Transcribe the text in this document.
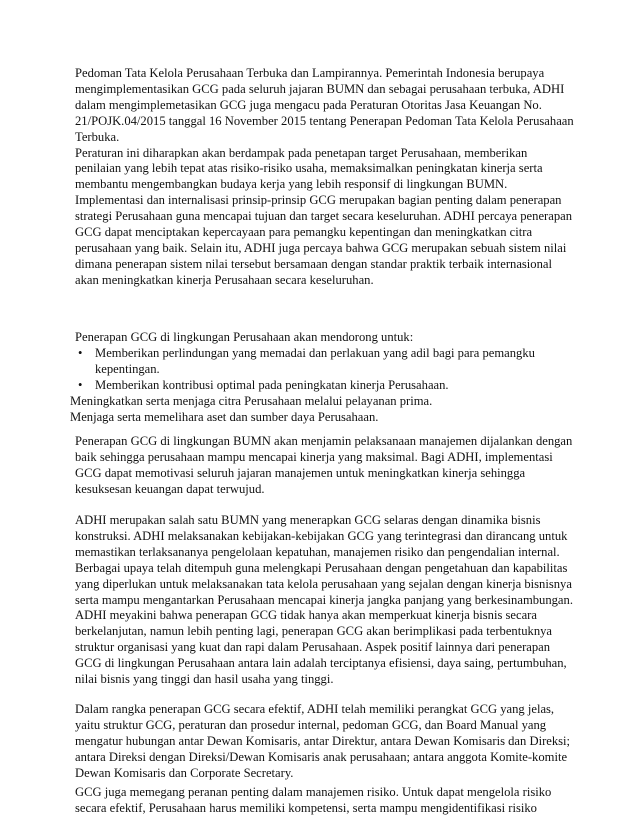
Pedoman Tata Kelola Perusahaan Terbuka dan Lampirannya. Pemerintah Indonesia berupaya mengimplementasikan GCG pada seluruh jajaran BUMN dan sebagai perusahaan terbuka, ADHI dalam mengimplemetasikan GCG juga mengacu pada Peraturan Otoritas Jasa Keuangan No. 21/POJK.04/2015 tanggal 16 November 2015 tentang Penerapan Pedoman Tata Kelola Perusahaan Terbuka.

Peraturan ini diharapkan akan berdampak pada penetapan target Perusahaan, memberikan penilaian yang lebih tepat atas risiko-risiko usaha, memaksimalkan peningkatan kinerja serta membantu mengembangkan budaya kerja yang lebih responsif di lingkungan BUMN.

Implementasi dan internalisasi prinsip-prinsip GCG merupakan bagian penting dalam penerapan strategi Perusahaan guna mencapai tujuan dan target secara keseluruhan. ADHI percaya penerapan GCG dapat menciptakan kepercayaan para pemangku kepentingan dan meningkatkan citra perusahaan yang baik. Selain itu, ADHI juga percaya bahwa GCG merupakan sebuah sistem nilai dimana penerapan sistem nilai tersebut bersamaan dengan standar praktik terbaik internasional akan meningkatkan kinerja Perusahaan secara keseluruhan.

Penerapan GCG di lingkungan Perusahaan akan mendorong untuk:

• Memberikan perlindungan yang memadai dan perlakuan yang adil bagi para pemangku kepentingan.
• Memberikan kontribusi optimal pada peningkatan kinerja Perusahaan.

Meningkatkan serta menjaga citra Perusahaan melalui pelayanan prima.

Menjaga serta memelihara aset dan sumber daya Perusahaan.

Penerapan GCG di lingkungan BUMN akan menjamin pelaksanaan manajemen dijalankan dengan baik sehingga perusahaan mampu mencapai kinerja yang maksimal. Bagi ADHI, implementasi GCG dapat memotivasi seluruh jajaran manajemen untuk meningkatkan kinerja sehingga kesuksesan keuangan dapat terwujud.

ADHI merupakan salah satu BUMN yang menerapkan GCG selaras dengan dinamika bisnis konstruksi. ADHI melaksanakan kebijakan-kebijakan GCG yang terintegrasi dan dirancang untuk memastikan terlaksananya pengelolaan kepatuhan, manajemen risiko dan pengendalian internal. Berbagai upaya telah ditempuh guna melengkapi Perusahaan dengan pengetahuan dan kapabilitas yang diperlukan untuk melaksanakan tata kelola perusahaan yang sejalan dengan kinerja bisnisnya serta mampu mengantarkan Perusahaan mencapai kinerja jangka panjang yang berkesinambungan.

ADHI meyakini bahwa penerapan GCG tidak hanya akan memperkuat kinerja bisnis secara berkelanjutan, namun lebih penting lagi, penerapan GCG akan berimplikasi pada terbentuknya struktur organisasi yang kuat dan rapi dalam Perusahaan. Aspek positif lainnya dari penerapan GCG di lingkungan Perusahaan antara lain adalah terciptanya efisiensi, daya saing, pertumbuhan, nilai bisnis yang tinggi dan hasil usaha yang tinggi.

Dalam rangka penerapan GCG secara efektif, ADHI telah memiliki perangkat GCG yang jelas, yaitu struktur GCG, peraturan dan prosedur internal, pedoman GCG, dan Board Manual yang mengatur hubungan antar Dewan Komisaris, antar Direktur, antara Dewan Komisaris dan Direksi; antara Direksi dengan Direksi/Dewan Komisaris anak perusahaan; antara anggota Komite-komite Dewan Komisaris dan Corporate Secretary.

GCG juga memegang peranan penting dalam manajemen risiko. Untuk dapat mengelola risiko secara efektif, Perusahaan harus memiliki kompetensi, serta mampu mengidentifikasi risiko
